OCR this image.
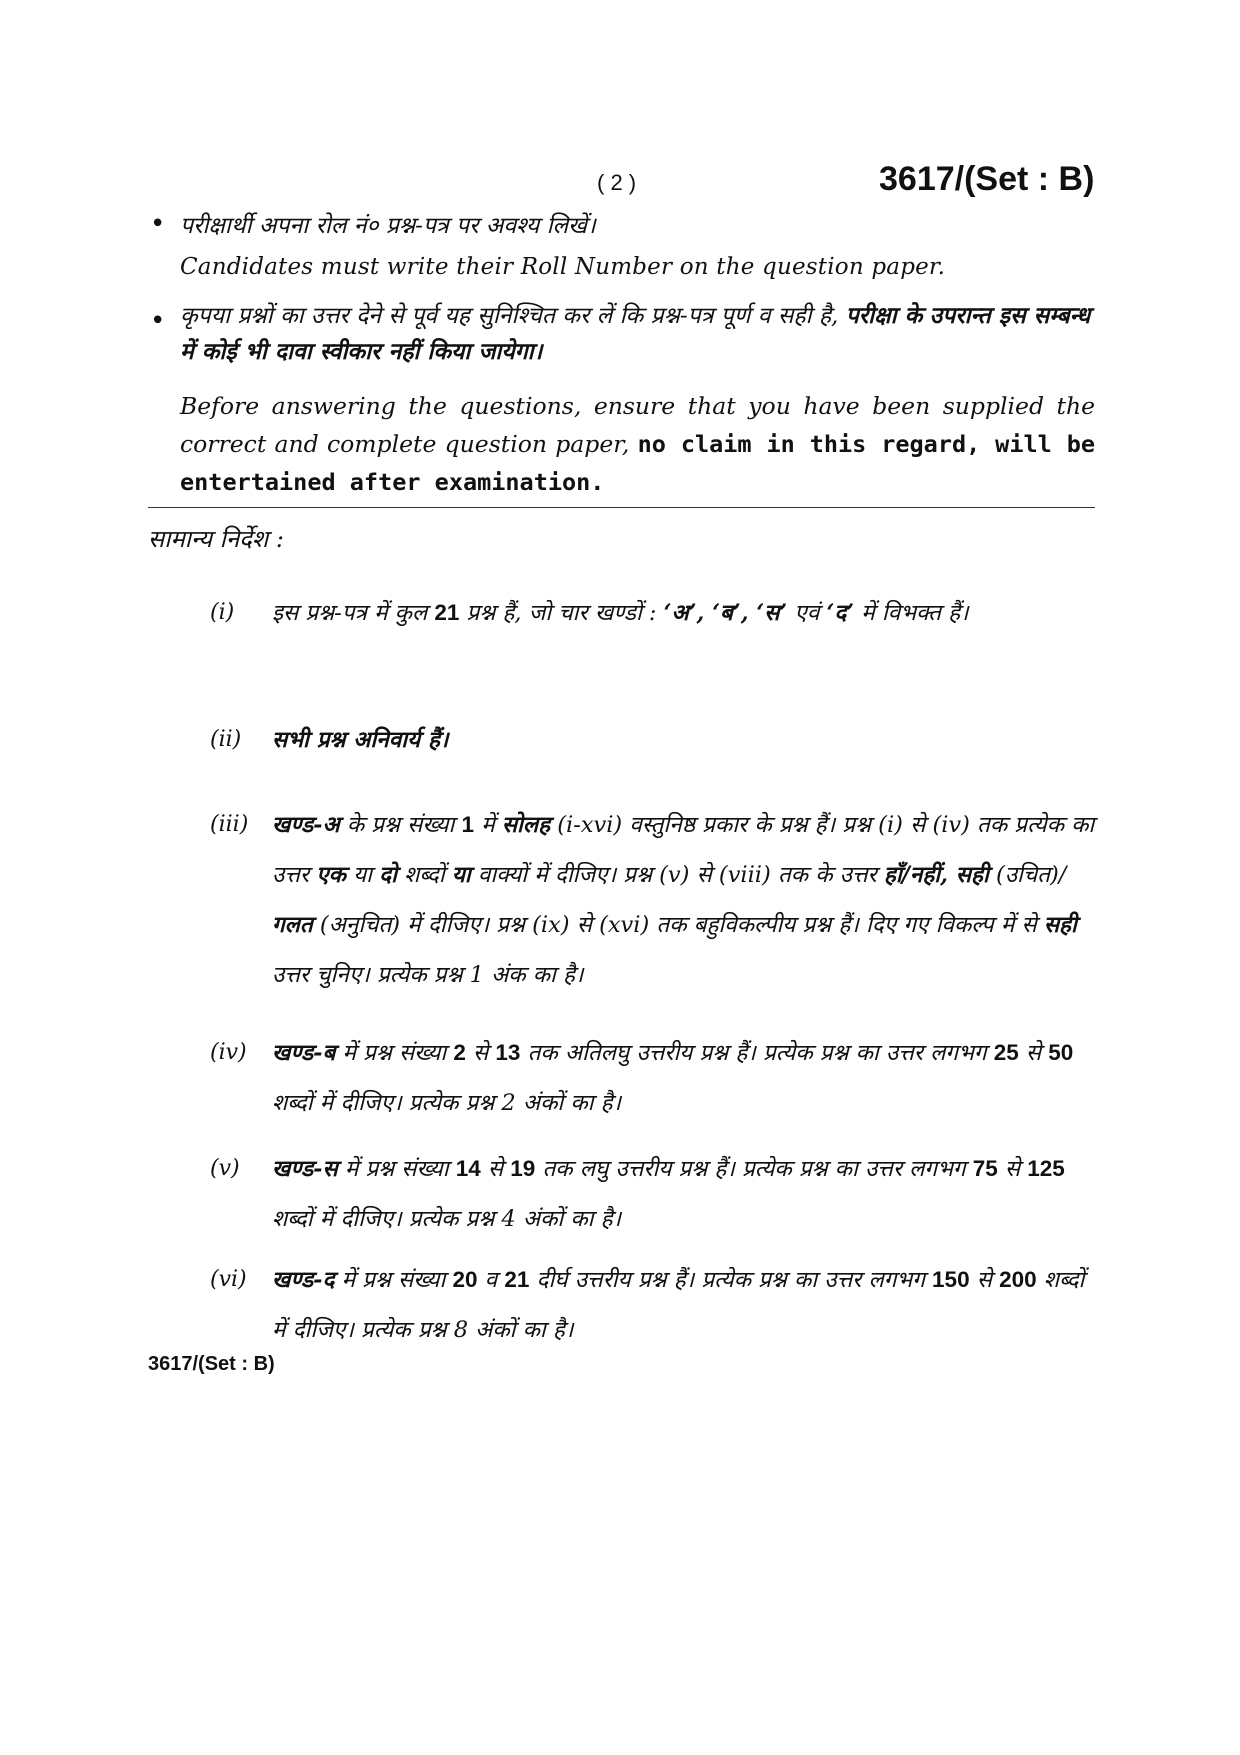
( 2 )	3617/(Set : B)
• परीक्षार्थी अपना रोल नं० प्रश्न-पत्र पर अवश्य लिखें।
Candidates must write their Roll Number on the question paper.
• कृपया प्रश्नों का उत्तर देने से पूर्व यह सुनिश्चित कर लें कि प्रश्न-पत्र पूर्ण व सही है, परीक्षा के उपरान्त इस सम्बन्ध में कोई भी दावा स्वीकार नहीं किया जायेगा।
Before answering the questions, ensure that you have been supplied the correct and complete question paper, no claim in this regard, will be entertained after examination.
सामान्य निर्देश :
(i) इस प्रश्न-पत्र में कुल 21 प्रश्न हैं, जो चार खण्डों : ‘अ’, ‘ब’, ‘स’ एवं ‘द’ में विभक्त हैं।
(ii) सभी प्रश्न अनिवार्य हैं।
(iii) खण्ड-अ के प्रश्न संख्या 1 में सोलह (i-xvi) वस्तुनिष्ठ प्रकार के प्रश्न हैं। प्रश्न (i) से (iv) तक प्रत्येक का उत्तर एक या दो शब्दों या वाक्यों में दीजिए। प्रश्न (v) से (viii) तक के उत्तर हाँ/नहीं, सही (उचित)/गलत (अनुचित) में दीजिए। प्रश्न (ix) से (xvi) तक बहुविकल्पीय प्रश्न हैं। दिए गए विकल्प में से सही उत्तर चुनिए। प्रत्येक प्रश्न 1 अंक का है।
(iv) खण्ड-ब में प्रश्न संख्या 2 से 13 तक अतिलघु उत्तरीय प्रश्न हैं। प्रत्येक प्रश्न का उत्तर लगभग 25 से 50 शब्दों में दीजिए। प्रत्येक प्रश्न 2 अंकों का है।
(v) खण्ड-स में प्रश्न संख्या 14 से 19 तक लघु उत्तरीय प्रश्न हैं। प्रत्येक प्रश्न का उत्तर लगभग 75 से 125 शब्दों में दीजिए। प्रत्येक प्रश्न 4 अंकों का है।
(vi) खण्ड-द में प्रश्न संख्या 20 व 21 दीर्घ उत्तरीय प्रश्न हैं। प्रत्येक प्रश्न का उत्तर लगभग 150 से 200 शब्दों में दीजिए। प्रत्येक प्रश्न 8 अंकों का है।
3617/(Set : B)
